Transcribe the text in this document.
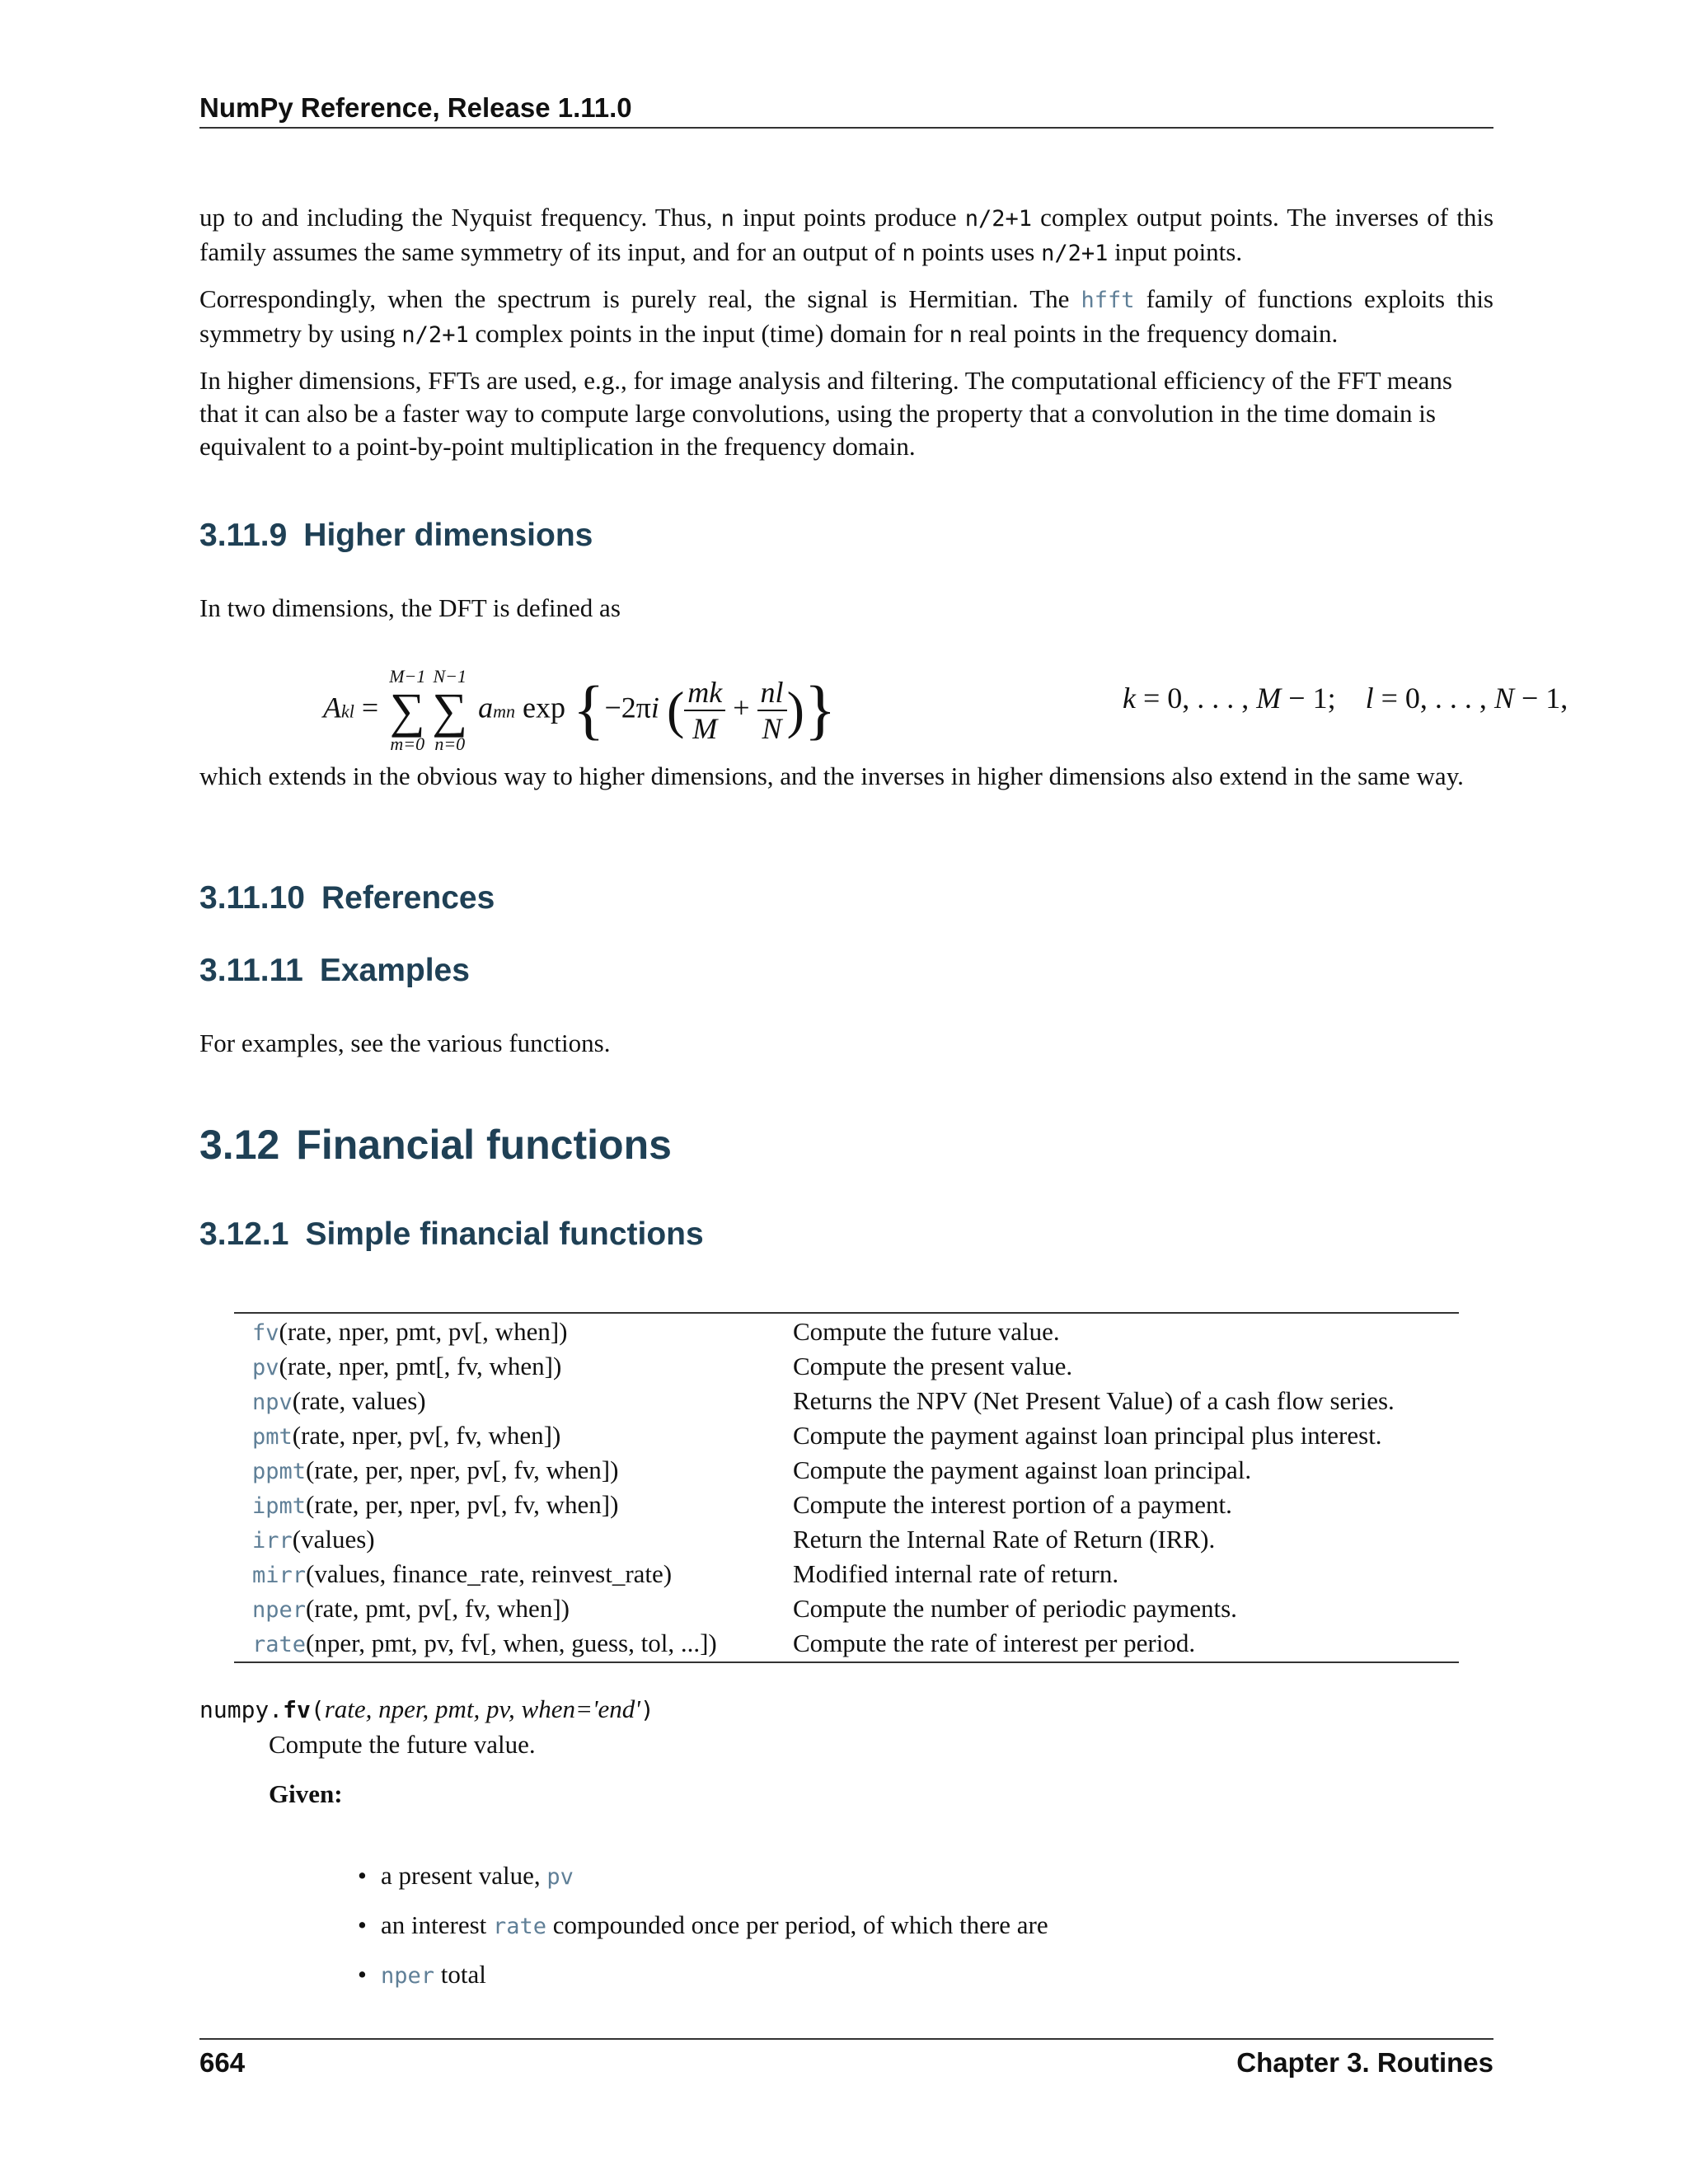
NumPy Reference, Release 1.11.0
up to and including the Nyquist frequency. Thus, n input points produce n/2+1 complex output points. The inverses of this family assumes the same symmetry of its input, and for an output of n points uses n/2+1 input points.
Correspondingly, when the spectrum is purely real, the signal is Hermitian. The hfft family of functions exploits this symmetry by using n/2+1 complex points in the input (time) domain for n real points in the frequency domain.
In higher dimensions, FFTs are used, e.g., for image analysis and filtering. The computational efficiency of the FFT means that it can also be a faster way to compute large convolutions, using the property that a convolution in the time domain is equivalent to a point-by-point multiplication in the frequency domain.
3.11.9 Higher dimensions
In two dimensions, the DFT is defined as
Akl =
M−1
∑
m=0
N−1
∑
n=0
amn exp {−2πi ( $\frac{mk}{M} + \frac{nl}{N}$ )}	k = 0, . . . , M − 1;    l = 0, . . . , N − 1,
which extends in the obvious way to higher dimensions, and the inverses in higher dimensions also extend in the same way.
3.11.10 References
3.11.11 Examples
For examples, see the various functions.
3.12 Financial functions
3.12.1 Simple financial functions
fv(rate, nper, pmt, pv[, when])	Compute the future value.
pv(rate, nper, pmt[, fv, when])	Compute the present value.
npv(rate, values)	Returns the NPV (Net Present Value) of a cash flow series.
pmt(rate, nper, pv[, fv, when])	Compute the payment against loan principal plus interest.
ppmt(rate, per, nper, pv[, fv, when])	Compute the payment against loan principal.
ipmt(rate, per, nper, pv[, fv, when])	Compute the interest portion of a payment.
irr(values)	Return the Internal Rate of Return (IRR).
mirr(values, finance_rate, reinvest_rate)	Modified internal rate of return.
nper(rate, pmt, pv[, fv, when])	Compute the number of periodic payments.
rate(nper, pmt, pv, fv[, when, guess, tol, ...])	Compute the rate of interest per period.
numpy.fv(rate, nper, pmt, pv, when='end')
Compute the future value.
Given:
• a present value, pv
• an interest rate compounded once per period, of which there are
• nper total
664	Chapter 3. Routines
